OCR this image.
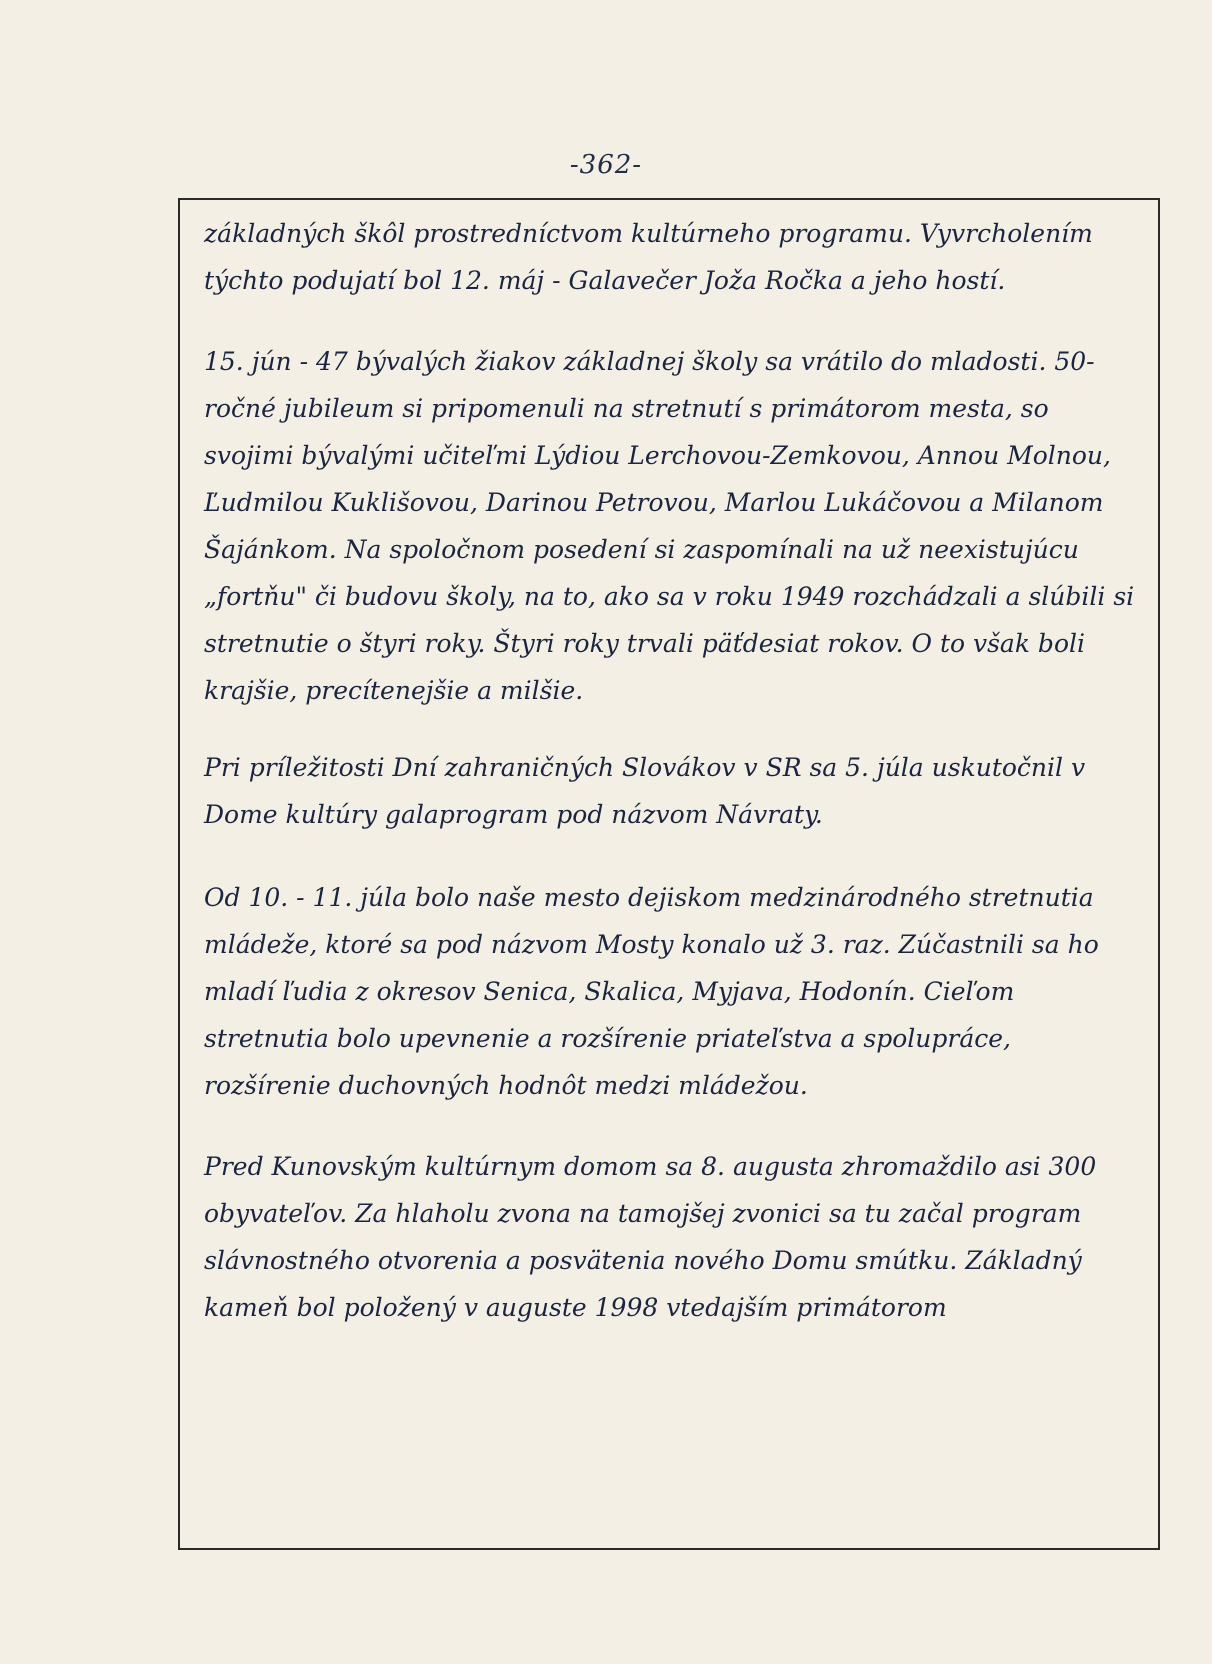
-362-

základných škôl prostredníctvom kultúrneho programu. Vyvrcholením týchto podujatí bol 12. máj - Galavečer Joža Ročka a jeho hostí.

15. jún - 47 bývalých žiakov základnej školy sa vrátilo do mladosti. 50-ročné jubileum si pripomenuli na stretnutí s primátorom mesta, so svojimi bývalými učiteľmi Lýdiou Lerchovou-Zemkovou, Annou Molnou, Ľudmilou Kuklišovou, Darinou Petrovou, Marlou Lukáčovou a Milanom Šajánkom. Na spoločnom posedení si zaspomínali na už neexistujúcu „fortňu" či budovu školy, na to, ako sa v roku 1949 rozchádzali a slúbili si stretnutie o štyri roky. Štyri roky trvali päťdesiat rokov. O to však boli krajšie, precítenejšie a milšie.

Pri príležitosti Dní zahraničných Slovákov v SR sa 5. júla uskutočnil v Dome kultúry galaprogram pod názvom Návraty.

Od 10. - 11. júla bolo naše mesto dejiskom medzinárodného stretnutia mládeže, ktoré sa pod názvom Mosty konalo už 3. raz. Zúčastnili sa ho mladí ľudia z okresov Senica, Skalica, Myjava, Hodonín. Cieľom stretnutia bolo upevnenie a rozšírenie priateľstva a spolupráce, rozšírenie duchovných hodnôt medzi mládežou.

Pred Kunovským kultúrnym domom sa 8. augusta zhromaždilo asi 300 obyvateľov. Za hlaholu zvona na tamojšej zvonici sa tu začal program slávnostného otvorenia a posvätenia nového Domu smútku. Základný kameň bol položený v auguste 1998 vtedajším primátorom
